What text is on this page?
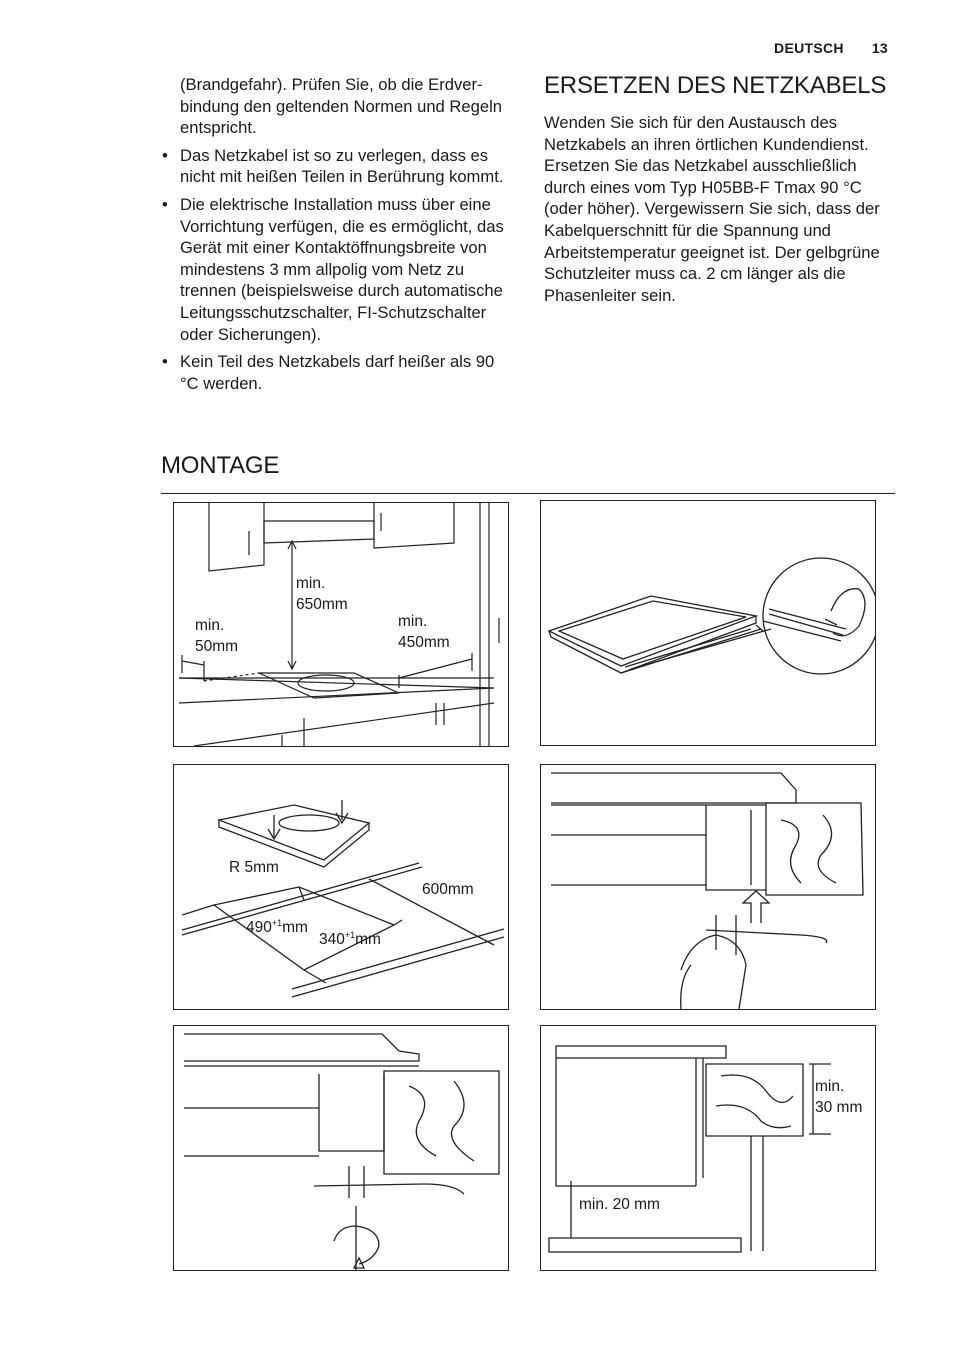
DEUTSCH 13

(Brandgefahr). Prüfen Sie, ob die Erdverbindung den geltenden Normen und Regeln entspricht.

• Das Netzkabel ist so zu verlegen, dass es nicht mit heißen Teilen in Berührung kommt.
• Die elektrische Installation muss über eine Vorrichtung verfügen, die es ermöglicht, das Gerät mit einer Kontaktöffnungsbreite von mindestens 3 mm allpolig vom Netz zu trennen (beispielsweise durch automatische Leitungsschutzschalter, FI-Schutzschalter oder Sicherungen).
• Kein Teil des Netzkabels darf heißer als 90 °C werden.
ERSETZEN DES NETZKABELS

Wenden Sie sich für den Austausch des Netzkabels an ihren örtlichen Kundendienst.

Ersetzen Sie das Netzkabel ausschließlich durch eines vom Typ H05BB-F Tmax 90 °C (oder höher). Vergewissern Sie sich, dass der Kabelquerschnitt für die Spannung und Arbeitstemperatur geeignet ist. Der gelbgrüne Schutzleiter muss ca. 2 cm länger als die Phasenleiter sein.

MONTAGE
min.
50mm
min.
650mm
min.
450mm
R 5mm
600mm
$490^{+1}mm$
$340^{+1}mm$
min.
30 mm
min. 20 mm
